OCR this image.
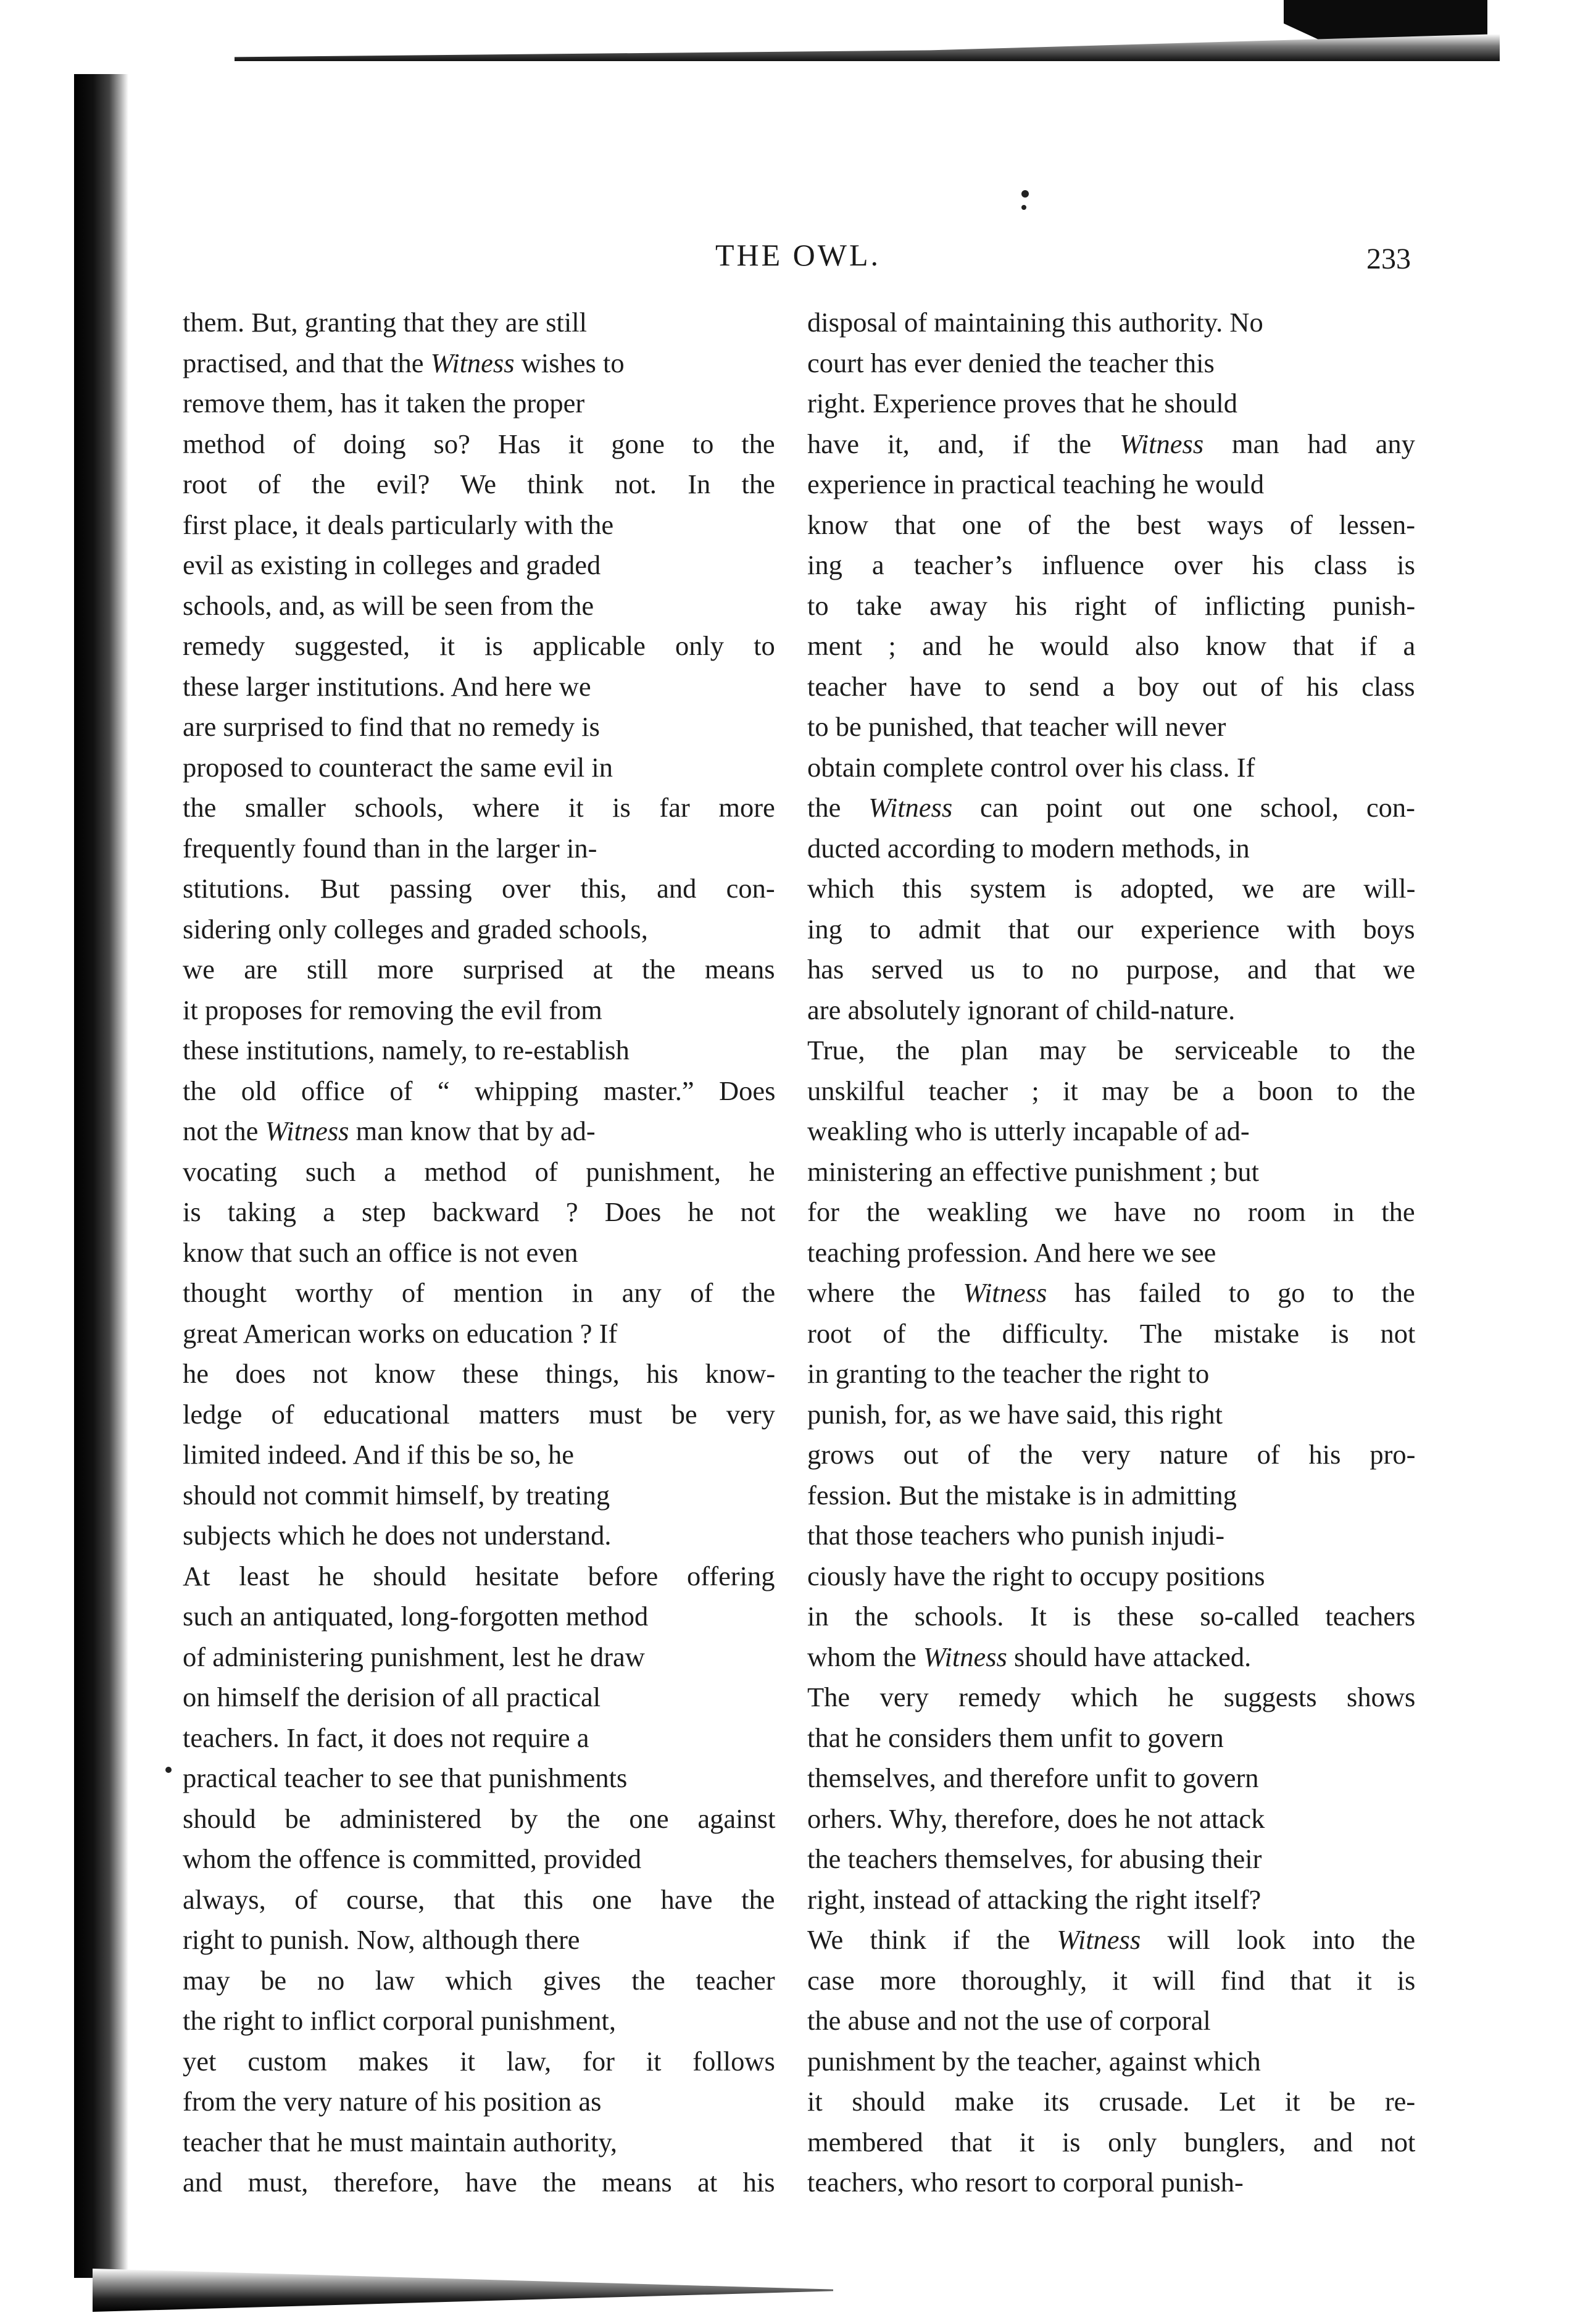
THE OWL.	233
them. But, granting that they are still
practised, and that the Witness wishes to
remove them, has it taken the proper
method of doing so? Has it gone to the
root of the evil? We think not. In the
first place, it deals particularly with the
evil as existing in colleges and graded
schools, and, as will be seen from the
remedy suggested, it is applicable only to
these larger institutions. And here we
are surprised to find that no remedy is
proposed to counteract the same evil in
the smaller schools, where it is far more
frequently found than in the larger in-
stitutions. But passing over this, and con-
sidering only colleges and graded schools,
we are still more surprised at the means
it proposes for removing the evil from
these institutions, namely, to re-establish
the old office of “ whipping master.” Does
not the Witness man know that by ad-
vocating such a method of punishment, he
is taking a step backward ? Does he not
know that such an office is not even
thought worthy of mention in any of the
great American works on education ? If
he does not know these things, his know-
ledge of educational matters must be very
limited indeed. And if this be so, he
should not commit himself, by treating
subjects which he does not understand.
At least he should hesitate before offering
such an antiquated, long-forgotten method
of administering punishment, lest he draw
on himself the derision of all practical
teachers. In fact, it does not require a
practical teacher to see that punishments
should be administered by the one against
whom the offence is committed, provided
always, of course, that this one have the
right to punish. Now, although there
may be no law which gives the teacher
the right to inflict corporal punishment,
yet custom makes it law, for it follows
from the very nature of his position as
teacher that he must maintain authority,
and must, therefore, have the means at his
disposal of maintaining this authority. No
court has ever denied the teacher this
right. Experience proves that he should
have it, and, if the Witness man had any
experience in practical teaching he would
know that one of the best ways of lessen-
ing a teacher’s influence over his class is
to take away his right of inflicting punish-
ment ; and he would also know that if a
teacher have to send a boy out of his class
to be punished, that teacher will never
obtain complete control over his class. If
the Witness can point out one school, con-
ducted according to modern methods, in
which this system is adopted, we are will-
ing to admit that our experience with boys
has served us to no purpose, and that we
are absolutely ignorant of child-nature.
True, the plan may be serviceable to the
unskilful teacher ; it may be a boon to the
weakling who is utterly incapable of ad-
ministering an effective punishment ; but
for the weakling we have no room in the
teaching profession. And here we see
where the Witness has failed to go to the
root of the difficulty. The mistake is not
in granting to the teacher the right to
punish, for, as we have said, this right
grows out of the very nature of his pro-
fession. But the mistake is in admitting
that those teachers who punish injudi-
ciously have the right to occupy positions
in the schools. It is these so-called teachers
whom the Witness should have attacked.
The very remedy which he suggests shows
that he considers them unfit to govern
themselves, and therefore unfit to govern
orhers. Why, therefore, does he not attack
the teachers themselves, for abusing their
right, instead of attacking the right itself?
We think if the Witness will look into the
case more thoroughly, it will find that it is
the abuse and not the use of corporal
punishment by the teacher, against which
it should make its crusade. Let it be re-
membered that it is only bunglers, and not
teachers, who resort to corporal punish-
